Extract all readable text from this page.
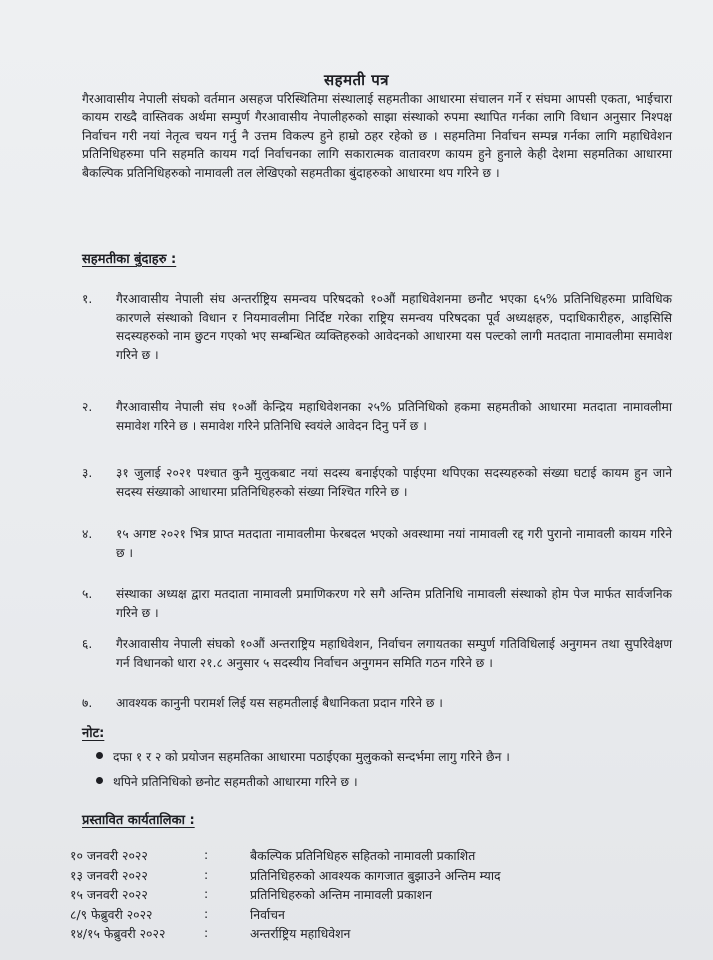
सहमती पत्र
गैरआवासीय नेपाली संघको वर्तमान असहज परिस्थितिमा संस्थालाई सहमतीका आधारमा संचालन गर्ने र संघमा आपसी एकता, भाईचारा कायम राख्दै वास्तिवक अर्थमा सम्पुर्ण गैरआवासीय नेपालीहरुको साझा संस्थाको रुपमा स्थापित गर्नका लागि विधान अनुसार निश्पक्ष निर्वाचन गरी नयां नेतृत्व चयन गर्नु नै उत्तम विकल्प हुने हाम्रो ठहर रहेको छ । सहमतिमा निर्वाचन सम्पन्न गर्नका लागि महाधिवेशन प्रतिनिधिहरुमा पनि सहमति कायम गर्दा निर्वाचनका लागि सकारात्मक वातावरण कायम हुने हुनाले केही देशमा सहमतिका आधारमा बैकल्पिक प्रतिनिधिहरुको नामावली तल लेखिएको सहमतीका बुंदाहरुको आधारमा थप गरिने छ ।
सहमतीका बुंदाहरु :
१.	गैरआवासीय नेपाली संघ अन्तर्राष्ट्रिय समन्वय परिषदको १०औं महाधिवेशनमा छनौट भएका ६५% प्रतिनिधिहरुमा प्राविधिक कारणले संस्थाको विधान र नियमावलीमा निर्दिष्ट गरेका राष्ट्रिय समन्वय परिषदका पूर्व अध्यक्षहरु, पदाधिकारीहरु, आइसिसि सदस्यहरुको नाम छुटन गएको भए सम्बन्धित व्यक्तिहरुको आवेदनको आधारमा यस पल्टको लागी मतदाता नामावलीमा समावेश गरिने छ ।
२.	गैरआवासीय नेपाली संघ १०औं केन्द्रिय महाधिवेशनका २५% प्रतिनिधिको हकमा सहमतीको आधारमा मतदाता नामावलीमा समावेश गरिने छ । समावेश गरिने प्रतिनिधि स्वयंले आवेदन दिनु पर्ने छ ।
३.	३१ जुलाई २०२१ पश्चात कुनै मुलुकबाट नयां सदस्य बनाईएको पाईएमा थपिएका सदस्यहरुको संख्या घटाई कायम हुन जाने सदस्य संख्याको आधारमा प्रतिनिधिहरुको संख्या निश्चित गरिने छ ।
४.	१५ अगष्ट २०२१ भित्र प्राप्त मतदाता नामावलीमा फेरबदल भएको अवस्थामा नयां नामावली रद्द गरी पुरानो नामावली कायम गरिने छ ।
५.	संस्थाका अध्यक्ष द्वारा मतदाता नामावली प्रमाणिकरण गरे सगै अन्तिम प्रतिनिधि नामावली संस्थाको होम पेज मार्फत सार्वजनिक गरिने छ ।
६.	गैरआवासीय नेपाली संघको १०औं अन्तराष्ट्रिय महाधिवेशन, निर्वाचन लगायतका सम्पुर्ण गतिविधिलाई अनुगमन तथा सुपरिवेक्षण गर्न विधानको धारा २१.८ अनुसार ५ सदस्यीय निर्वाचन अनुगमन समिति गठन गरिने छ ।
७.	आवश्यक कानुनी परामर्श लिई यस सहमतीलाई बैधानिकता प्रदान गरिने छ ।
नोट:
दफा १ र २ को प्रयोजन सहमतिका आधारमा पठाईएका मुलुकको सन्दर्भमा लागु गरिने छैन ।
थपिने प्रतिनिधिको छनोट सहमतीको आधारमा गरिने छ ।
प्रस्तावित कार्यतालिका :
१० जनवरी २०२२	:	बैकल्पिक प्रतिनिधिहरु सहितको नामावली प्रकाशित
१३ जनवरी २०२२	:	प्रतिनिधिहरुको आवश्यक कागजात बुझाउने अन्तिम म्याद
१५ जनवरी २०२२	:	प्रतिनिधिहरुको अन्तिम नामावली प्रकाशन
८/९ फेब्रुवरी २०२२	:	निर्वाचन
१४/१५ फेब्रुवरी २०२२	:	अन्तर्राष्ट्रिय महाधिवेशन
